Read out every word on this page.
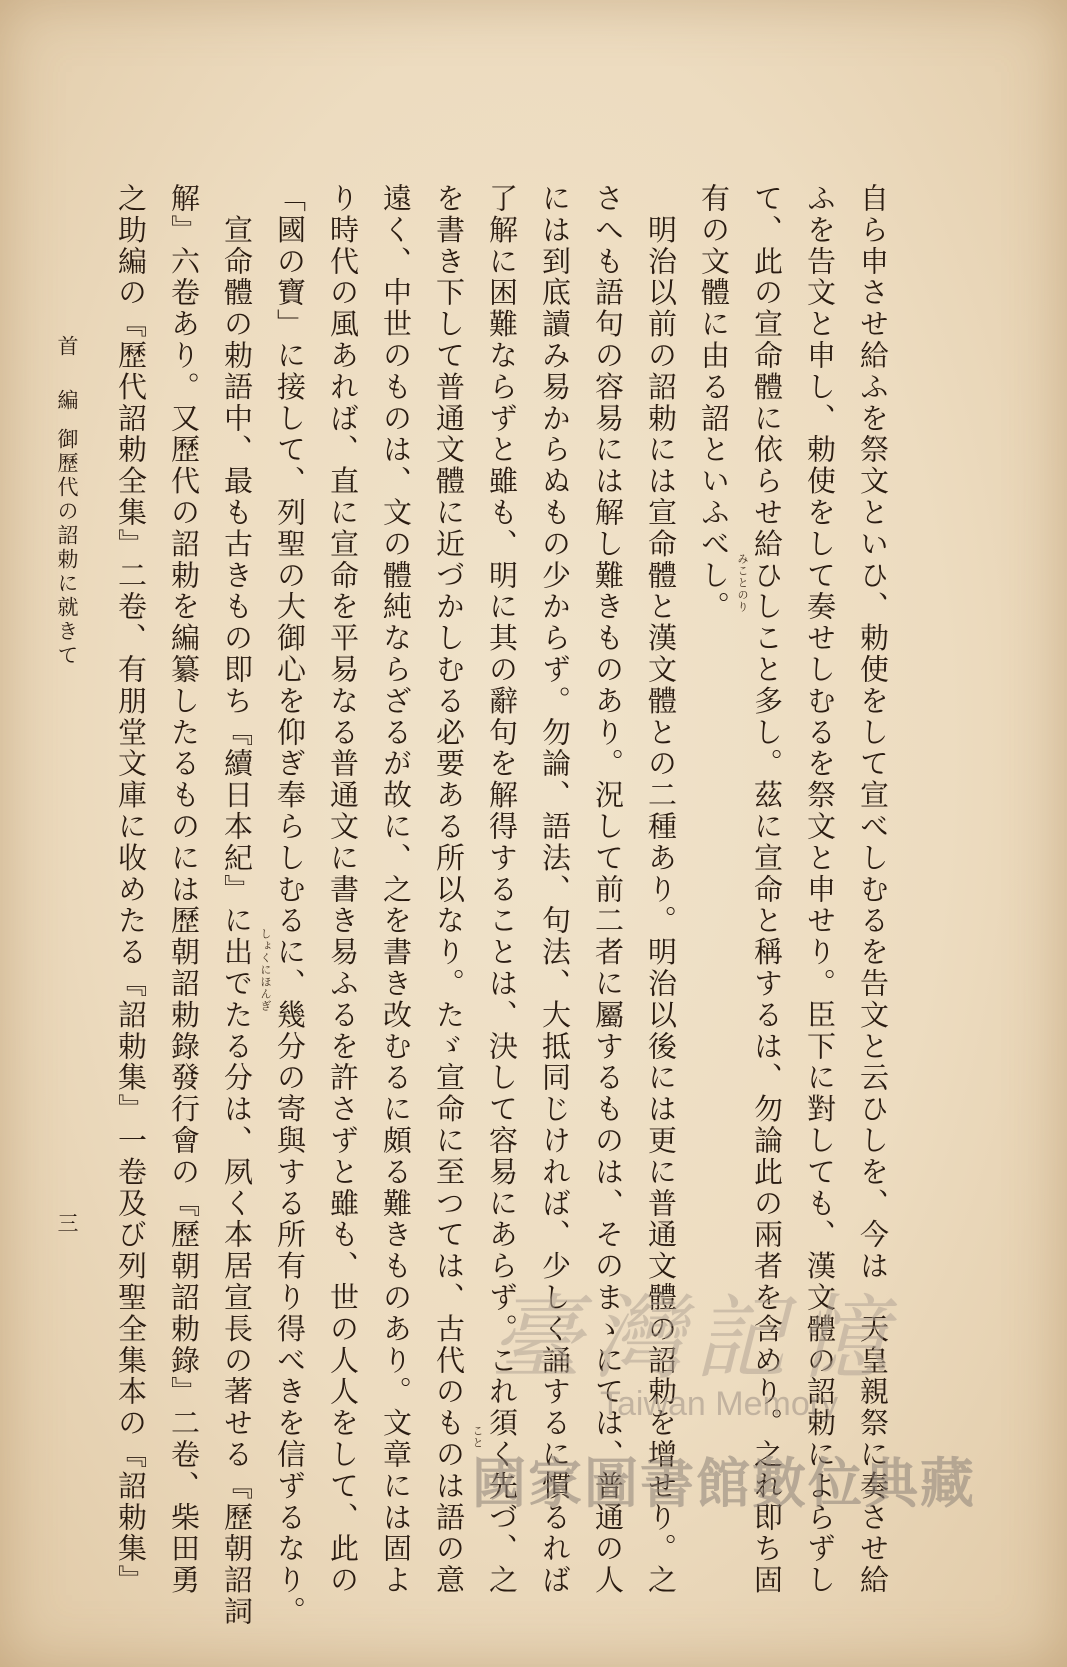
自ら申させ給ふを祭文といひ、勅使をして宣べしむるを告文と云ひしを、今は　天皇親祭に奏させ給
ふを告文と申し、勅使をして奏せしむるを祭文と申せり。臣下に對しても、漢文體の詔勅によらずし
て、此の宣命體に依らせ給ひしこと多し。茲に宣命と稱するは、勿論此の兩者を含めり。之れ即ち固
有の文體に由る詔といふべし。
　明治以前の詔勅には宣命體と漢文體との二種あり。明治以後には更に普通文體の詔勅を增せり。之
さへも語句の容易には解し難きものあり。況して前二者に屬するものは、そのまゝにては、普通の人
には到底讀み易からぬもの少からず。勿論、語法、句法、大抵同じければ、少しく誦するに慣るれば
了解に困難ならずと雖も、明に其の辭句を解得することは、決して容易にあらず。これ須く先づ、之
を書き下して普通文體に近づかしむる必要ある所以なり。たゞ宣命に至つては、古代のものは語の意
遠く、中世のものは、文の體純ならざるが故に、之を書き改むるに頗る難きものあり。文章には固よ
り時代の風あれば、直に宣命を平易なる普通文に書き易ふるを許さずと雖も、世の人人をして、此の
「國の寶」に接して、列聖の大御心を仰ぎ奉らしむるに、幾分の寄與する所有り得べきを信ずるなり。
　宣命體の勅語中、最も古きもの即ち『續日本紀』に出でたる分は、夙く本居宣長の著せる『歷朝詔詞
解』六卷あり。又歷代の詔勅を編纂したるものには歷朝詔勅錄發行會の『歷朝詔勅錄』二卷、柴田勇
之助編の『歷代詔勅全集』二卷、有朋堂文庫に收めたる『詔勅集』一卷及び列聖全集本の『詔勅集』	みことのり
しょくにほんぎ
こと
首　編
御歷代の詔勅に就きて
三
臺灣記憶
Taiwan Memory
國家圖書館數位典藏
